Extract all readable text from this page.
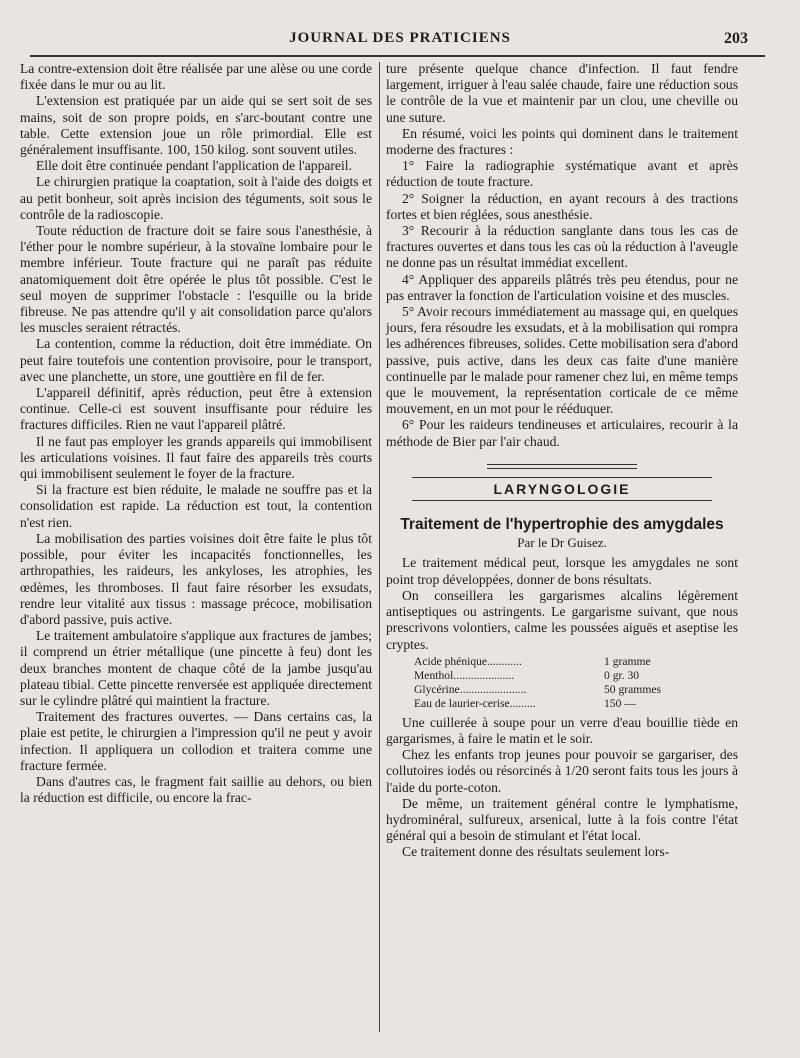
JOURNAL DES PRATICIENS	203

La contre-extension doit être réalisée par une alèse ou une corde fixée dans le mur ou au lit.

L'extension est pratiquée par un aide qui se sert soit de ses mains, soit de son propre poids, en s'arc-boutant contre une table. Cette extension joue un rôle primordial. Elle est généralement insuffisante. 100, 150 kilog. sont souvent utiles.

Elle doit être continuée pendant l'application de l'appareil.

Le chirurgien pratique la coaptation, soit à l'aide des doigts et au petit bonheur, soit après incision des téguments, soit sous le contrôle de la radioscopie.

Toute réduction de fracture doit se faire sous l'anesthésie, à l'éther pour le nombre supérieur, à la stovaïne lombaire pour le membre inférieur. Toute fracture qui ne paraît pas réduite anatomiquement doit être opérée le plus tôt possible. C'est le seul moyen de supprimer l'obstacle : l'esquille ou la bride fibreuse. Ne pas attendre qu'il y ait consolidation parce qu'alors les muscles seraient rétractés.

La contention, comme la réduction, doit être immédiate. On peut faire toutefois une contention provisoire, pour le transport, avec une planchette, un store, une gouttière en fil de fer.

L'appareil définitif, après réduction, peut être à extension continue. Celle-ci est souvent insuffisante pour réduire les fractures difficiles. Rien ne vaut l'appareil plâtré.

Il ne faut pas employer les grands appareils qui immobilisent les articulations voisines. Il faut faire des appareils très courts qui immobilisent seulement le foyer de la fracture.

Si la fracture est bien réduite, le malade ne souffre pas et la consolidation est rapide. La réduction est tout, la contention n'est rien.

La mobilisation des parties voisines doit être faite le plus tôt possible, pour éviter les incapacités fonctionnelles, les arthropathies, les raideurs, les ankyloses, les atrophies, les œdèmes, les thromboses. Il faut faire résorber les exsudats, rendre leur vitalité aux tissus : massage précoce, mobilisation d'abord passive, puis active.

Le traitement ambulatoire s'applique aux fractures de jambes; il comprend un étrier métallique (une pincette à feu) dont les deux branches montent de chaque côté de la jambe jusqu'au plateau tibial. Cette pincette renversée est appliquée directement sur le cylindre plâtré qui maintient la fracture.

Traitement des fractures ouvertes. — Dans certains cas, la plaie est petite, le chirurgien a l'impression qu'il ne peut y avoir infection. Il appliquera un collodion et traitera comme une fracture fermée.

Dans d'autres cas, le fragment fait saillie au dehors, ou bien la réduction est difficile, ou encore la frac-

ture présente quelque chance d'infection. Il faut fendre largement, irriguer à l'eau salée chaude, faire une réduction sous le contrôle de la vue et maintenir par un clou, une cheville ou une suture.

En résumé, voici les points qui dominent dans le traitement moderne des fractures :

1° Faire la radiographie systématique avant et après réduction de toute fracture.

2° Soigner la réduction, en ayant recours à des tractions fortes et bien réglées, sous anesthésie.

3° Recourir à la réduction sanglante dans tous les cas de fractures ouvertes et dans tous les cas où la réduction à l'aveugle ne donne pas un résultat immédiat excellent.

4° Appliquer des appareils plâtrés très peu étendus, pour ne pas entraver la fonction de l'articulation voisine et des muscles.

5° Avoir recours immédiatement au massage qui, en quelques jours, fera résoudre les exsudats, et à la mobilisation qui rompra les adhérences fibreuses, solides. Cette mobilisation sera d'abord passive, puis active, dans les deux cas faite d'une manière continuelle par le malade pour ramener chez lui, en même temps que le mouvement, la représentation corticale de ce même mouvement, en un mot pour le rééduquer.

6° Pour les raideurs tendineuses et articulaires, recourir à la méthode de Bier par l'air chaud.

LARYNGOLOGIE
Traitement de l'hypertrophie des amygdales
Par le Dr Guisez.

Le traitement médical peut, lorsque les amygdales ne sont point trop développées, donner de bons résultats.

On conseillera les gargarismes alcalins légèrement antiseptiques ou astringents. Le gargarisme suivant, que nous prescrivons volontiers, calme les poussées aiguës et aseptise les cryptes.

Acide phénique............	1 gramme
Menthol.....................	0 gr. 30
Glycérine.......................	50 grammes
Eau de laurier-cerise.........	150 —

Une cuillerée à soupe pour un verre d'eau bouillie tiède en gargarismes, à faire le matin et le soir.

Chez les enfants trop jeunes pour pouvoir se gargariser, des collutoires iodés ou résorcinés à 1/20 seront faits tous les jours à l'aide du porte-coton.

De même, un traitement général contre le lymphatisme, hydrominéral, sulfureux, arsenical, lutte à la fois contre l'état général qui a besoin de stimulant et l'état local.

Ce traitement donne des résultats seulement lors-
